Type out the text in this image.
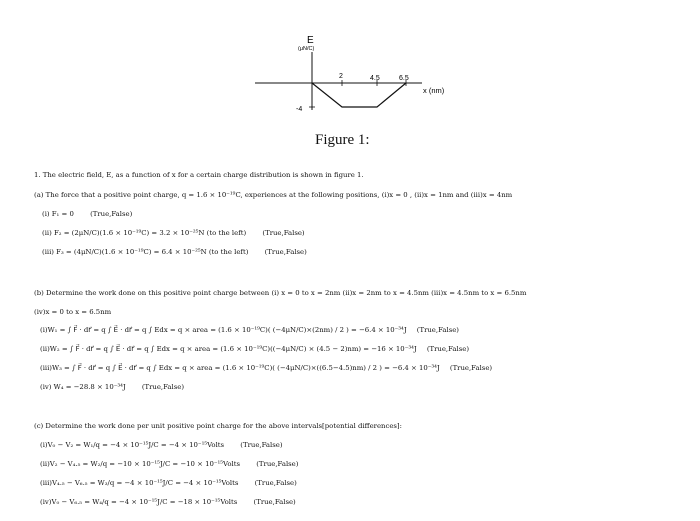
E
(μN/C)
x (nm)
2	4.5	6.5
-4
Figure 1:
1. The electric field, E, as a function of x for a certain charge distribution is shown in figure 1.
(a) The force that a positive point charge, q = 1.6 × 10⁻¹⁹C, experiences at the following positions, (i)x = 0 , (ii)x = 1nm and (iii)x = 4nm
(i) F₁ = 0 (True,False)
(ii) F₂ = (2μN/C)(1.6 × 10⁻¹⁹C) = 3.2 × 10⁻²⁵N (to the left) (True,False)
(iii) F₃ = (4μN/C)(1.6 × 10⁻¹⁹C) = 6.4 × 10⁻²⁵N (to the left) (True,False)
(b) Determine the work done on this positive point charge between (i) x = 0 to x = 2nm (ii)x = 2nm to x = 4.5nm (iii)x = 4.5nm to x = 6.5nm
(iv)x = 0 to x = 6.5nm
(i)W₁ = ∫ F⃗ · dr⃗ = q ∫ E⃗ · dr⃗ = q ∫ Edx = q × area = (1.6 × 10⁻¹⁹C)( (−4μN/C)×(2nm) / 2 ) = −6.4 × 10⁻³⁴J (True,False)
(ii)W₂ = ∫ F⃗ · dr⃗ = q ∫ E⃗ · dr⃗ = q ∫ Edx = q × area = (1.6 × 10⁻¹⁹C)((−4μN/C) × (4.5 − 2)nm) = −16 × 10⁻³⁴J (True,False)
(iii)W₃ = ∫ F⃗ · dr⃗ = q ∫ E⃗ · dr⃗ = q ∫ Edx = q × area = (1.6 × 10⁻¹⁹C)( (−4μN/C)×((6.5−4.5)nm) / 2 ) = −6.4 × 10⁻³⁴J (True,False)
(iv) W₄ = −28.8 × 10⁻³⁴J (True,False)
(c) Determine the work done per unit positive point charge for the above intervals[potential differences]:
(i)V₀ − V₂ = W₁/q = −4 × 10⁻¹⁵J/C = −4 × 10⁻¹⁵Volts (True,False)
(ii)V₂ − V₄.₅ = W₂/q = −10 × 10⁻¹⁵J/C = −10 × 10⁻¹⁵Volts (True,False)
(iii)V₄.₅ − V₆.₅ = W₃/q = −4 × 10⁻¹⁵J/C = −4 × 10⁻¹⁵Volts (True,False)
(iv)V₀ − V₆.₅ = W₄/q = −4 × 10⁻¹⁵J/C = −18 × 10⁻¹⁵Volts (True,False)
